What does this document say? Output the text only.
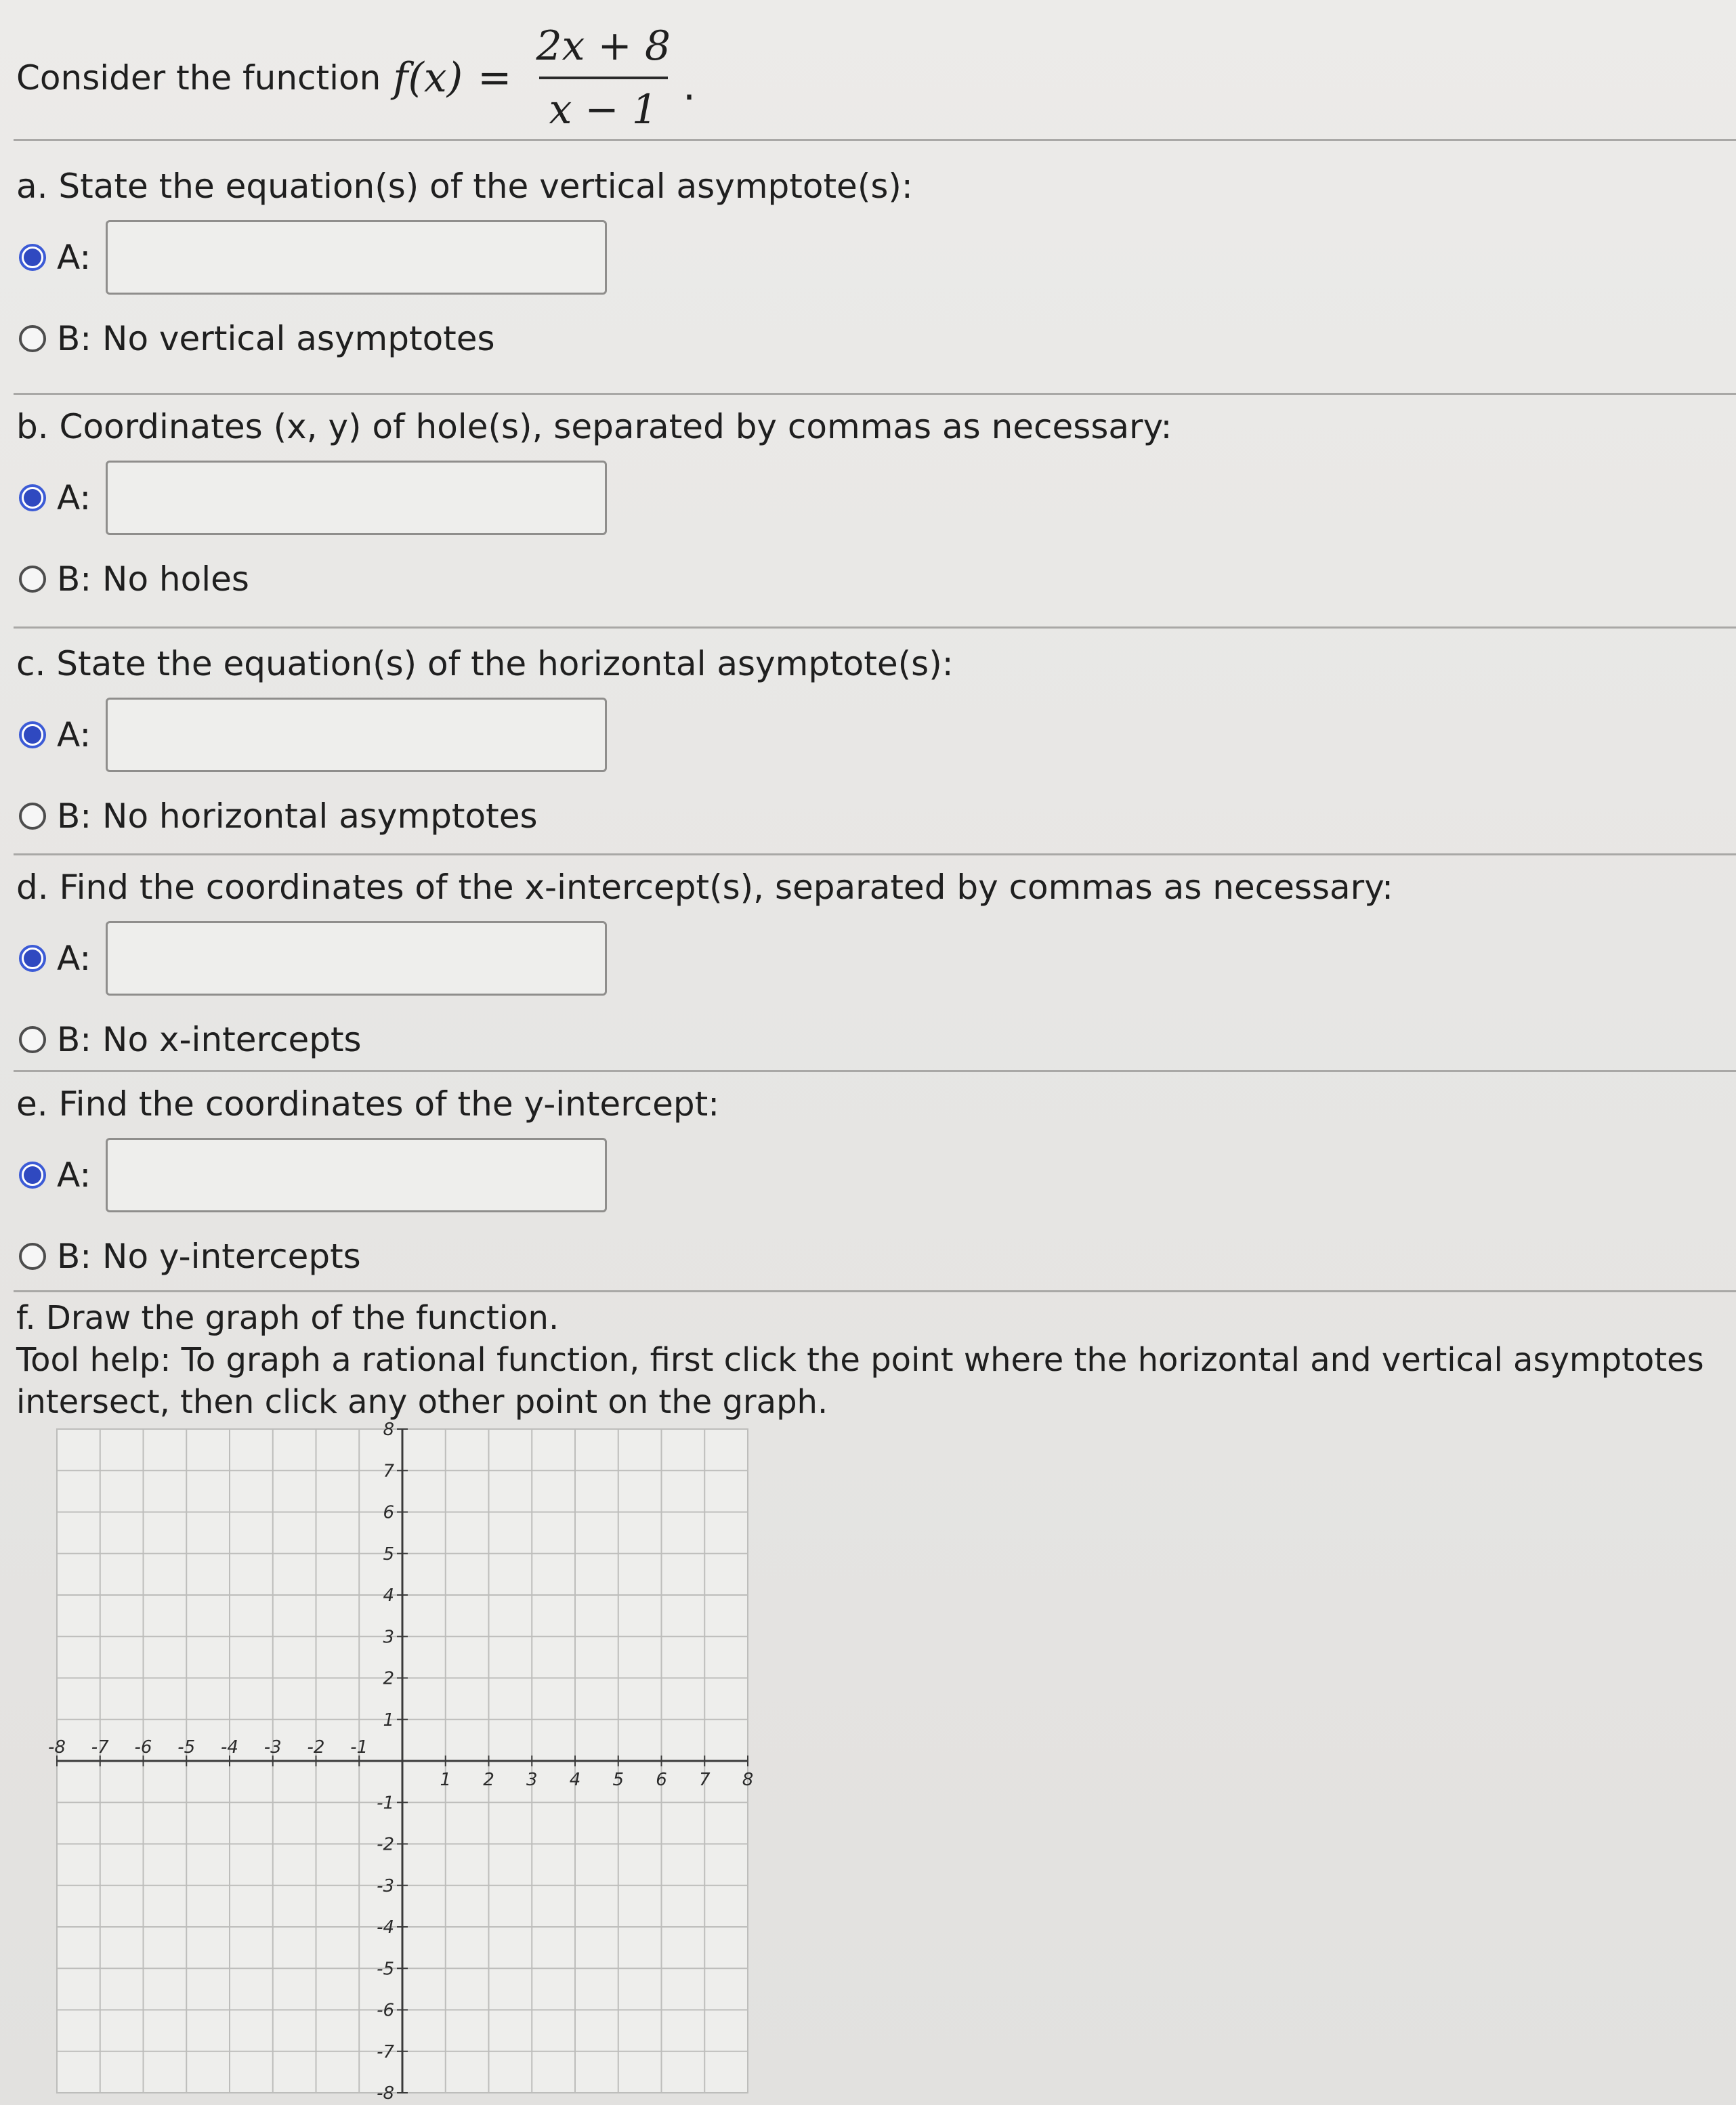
Consider the function $f(x) = \frac{2x + 8}{x - 1}$ .
a. State the equation(s) of the vertical asymptote(s):
A:
B: No vertical asymptotes
b. Coordinates (x, y) of hole(s), separated by commas as necessary:
A:
B: No holes
c. State the equation(s) of the horizontal asymptote(s):
A:
B: No horizontal asymptotes
d. Find the coordinates of the x-intercept(s), separated by commas as necessary:
A:
B: No x-intercepts
e. Find the coordinates of the y-intercept:
A:
B: No y-intercepts
f. Draw the graph of the function.
Tool help: To graph a rational function, first click the point where the horizontal and vertical asymptotes
intersect, then click any other point on the graph.
-8 -7 -6 -5 -4 -3 -2 -1
1 2 3 4 5 6 7 8
8
7
6
5
4
3
2
1
-1
-2
-3
-4
-5
-6
-7
-8
